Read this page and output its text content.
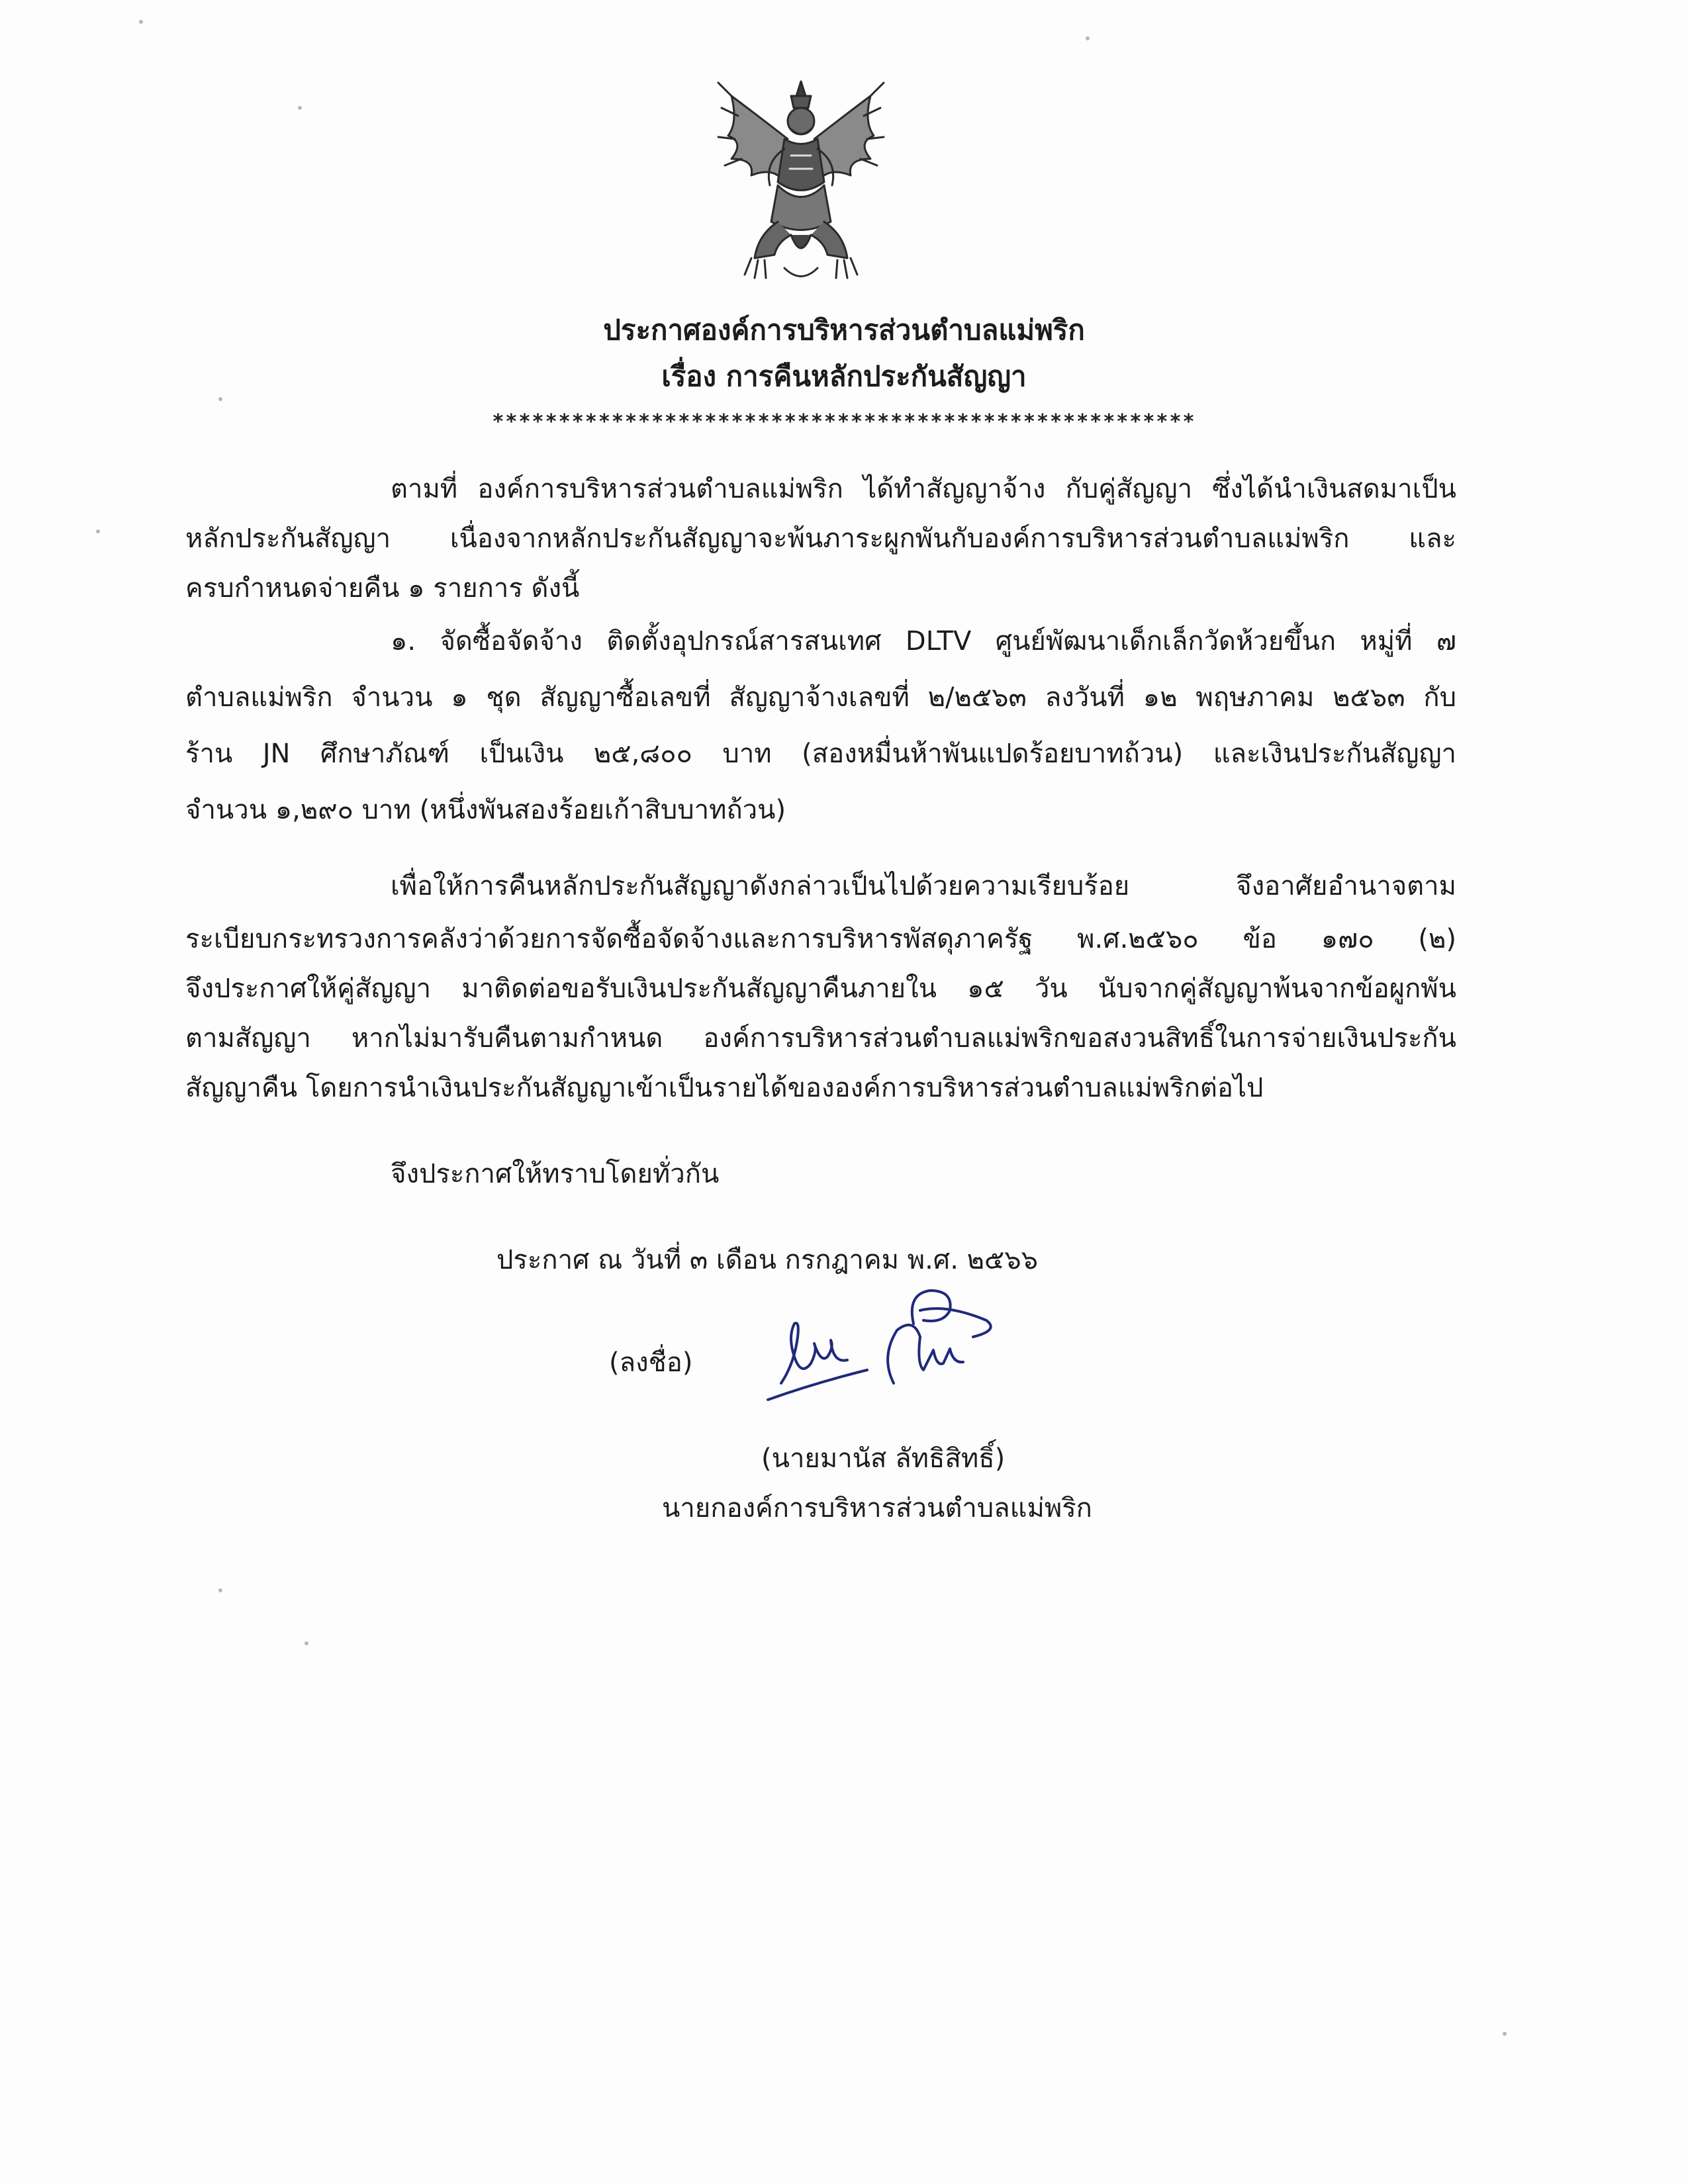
ประกาศองค์การบริหารส่วนตำบลแม่พริก
เรื่อง การคืนหลักประกันสัญญา
*****************************************************
ตามที่ องค์การบริหารส่วนตำบลแม่พริก ได้ทำสัญญาจ้าง กับคู่สัญญา ซึ่งได้นำเงินสดมาเป็น
หลักประกันสัญญา เนื่องจากหลักประกันสัญญาจะพ้นภาระผูกพันกับองค์การบริหารส่วนตำบลแม่พริก และ
ครบกำหนดจ่ายคืน ๑ รายการ ดังนี้
๑. จัดซื้อจัดจ้าง ติดตั้งอุปกรณ์สารสนเทศ DLTV ศูนย์พัฒนาเด็กเล็กวัดห้วยขึ้นก หมู่ที่ ๗
ตำบลแม่พริก จำนวน ๑ ชุด สัญญาซื้อเลขที่ สัญญาจ้างเลขที่ ๒/๒๕๖๓ ลงวันที่ ๑๒ พฤษภาคม ๒๕๖๓ กับ
ร้าน JN ศึกษาภัณฑ์ เป็นเงิน ๒๕,๘๐๐ บาท (สองหมื่นห้าพันแปดร้อยบาทถ้วน) และเงินประกันสัญญา
จำนวน ๑,๒๙๐ บาท (หนึ่งพันสองร้อยเก้าสิบบาทถ้วน)
เพื่อให้การคืนหลักประกันสัญญาดังกล่าวเป็นไปด้วยความเรียบร้อย จึงอาศัยอำนาจตาม
ระเบียบกระทรวงการคลังว่าด้วยการจัดซื้อจัดจ้างและการบริหารพัสดุภาครัฐ พ.ศ.๒๕๖๐ ข้อ ๑๗๐ (๒)
จึงประกาศให้คู่สัญญา มาติดต่อขอรับเงินประกันสัญญาคืนภายใน ๑๕ วัน นับจากคู่สัญญาพ้นจากข้อผูกพัน
ตามสัญญา หากไม่มารับคืนตามกำหนด องค์การบริหารส่วนตำบลแม่พริกขอสงวนสิทธิ์ในการจ่ายเงินประกัน
สัญญาคืน โดยการนำเงินประกันสัญญาเข้าเป็นรายได้ขององค์การบริหารส่วนตำบลแม่พริกต่อไป
จึงประกาศให้ทราบโดยทั่วกัน
ประกาศ ณ วันที่ ๓ เดือน กรกฎาคม พ.ศ. ๒๕๖๖
(ลงชื่อ)
(นายมานัส ลัทธิสิทธิ์)
นายกองค์การบริหารส่วนตำบลแม่พริก
